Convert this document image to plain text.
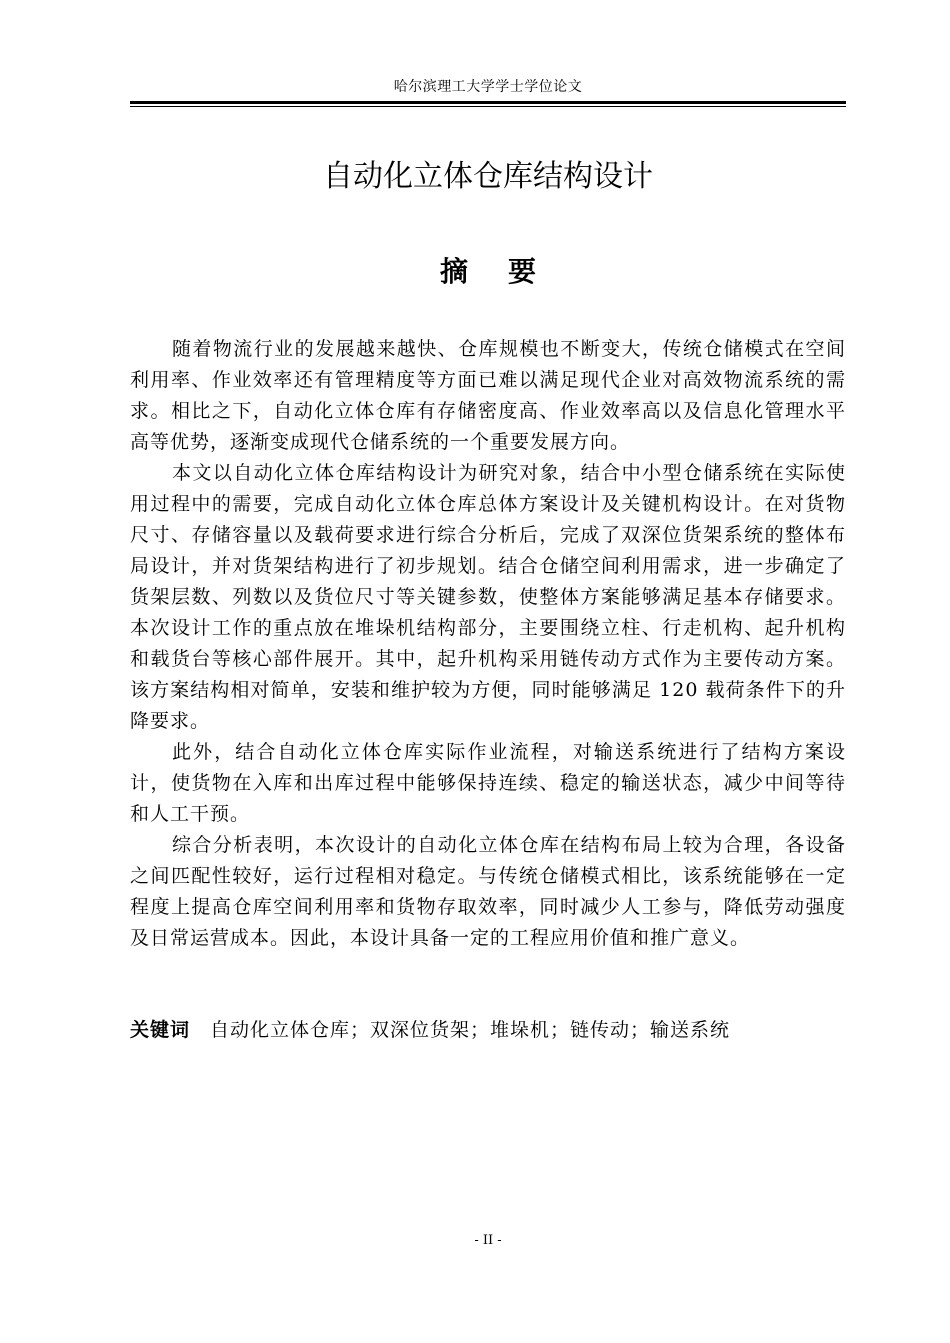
哈尔滨理工大学学士学位论文
自动化立体仓库结构设计
摘要

随着物流行业的发展越来越快、仓库规模也不断变大，传统仓储模式在空间利用率、作业效率还有管理精度等方面已难以满足现代企业对高效物流系统的需求。相比之下，自动化立体仓库有存储密度高、作业效率高以及信息化管理水平高等优势，逐渐变成现代仓储系统的一个重要发展方向。

本文以自动化立体仓库结构设计为研究对象，结合中小型仓储系统在实际使用过程中的需要，完成自动化立体仓库总体方案设计及关键机构设计。在对货物尺寸、存储容量以及载荷要求进行综合分析后，完成了双深位货架系统的整体布局设计，并对货架结构进行了初步规划。结合仓储空间利用需求，进一步确定了货架层数、列数以及货位尺寸等关键参数，使整体方案能够满足基本存储要求。本次设计工作的重点放在堆垛机结构部分，主要围绕立柱、行走机构、起升机构和载货台等核心部件展开。其中，起升机构采用链传动方式作为主要传动方案。该方案结构相对简单，安装和维护较为方便，同时能够满足 120 载荷条件下的升降要求。

此外，结合自动化立体仓库实际作业流程，对输送系统进行了结构方案设计，使货物在入库和出库过程中能够保持连续、稳定的输送状态，减少中间等待和人工干预。

综合分析表明，本次设计的自动化立体仓库在结构布局上较为合理，各设备之间匹配性较好，运行过程相对稳定。与传统仓储模式相比，该系统能够在一定程度上提高仓库空间利用率和货物存取效率，同时减少人工参与，降低劳动强度及日常运营成本。因此，本设计具备一定的工程应用价值和推广意义。

关键词 自动化立体仓库；双深位货架；堆垛机；链传动；输送系统
- II -
